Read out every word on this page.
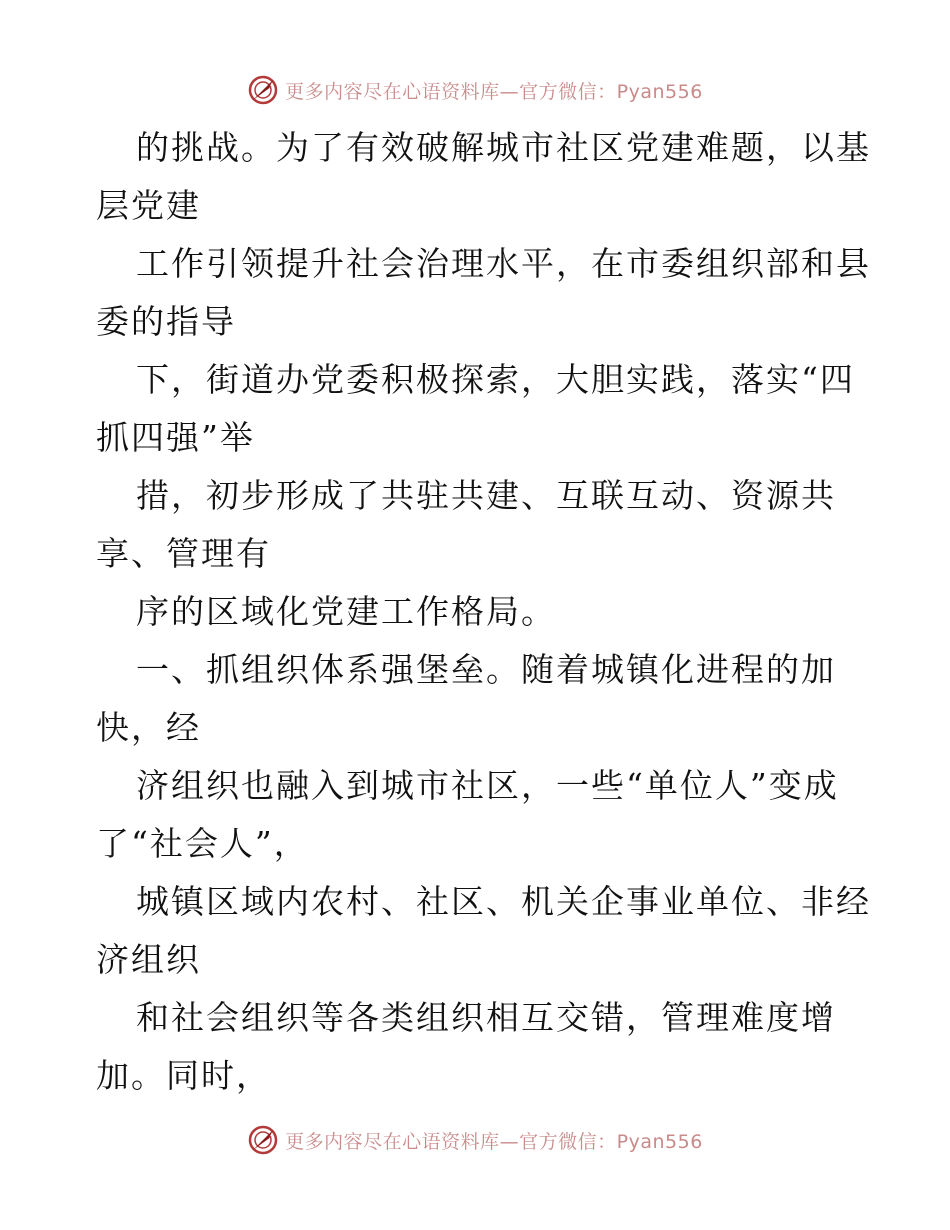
更多内容尽在心语资料库—官方微信：Pyan556
的挑战。为了有效破解城市社区党建难题，以基
层党建
工作引领提升社会治理水平，在市委组织部和县
委的指导
下，街道办党委积极探索，大胆实践，落实“四
抓四强”举
措，初步形成了共驻共建、互联互动、资源共
享、管理有
序的区域化党建工作格局。
一、抓组织体系强堡垒。随着城镇化进程的加
快，经
济组织也融入到城市社区，一些“单位人”变成
了“社会人”，
城镇区域内农村、社区、机关企事业单位、非经
济组织
和社会组织等各类组织相互交错，管理难度增
加。同时，
更多内容尽在心语资料库—官方微信：Pyan556
